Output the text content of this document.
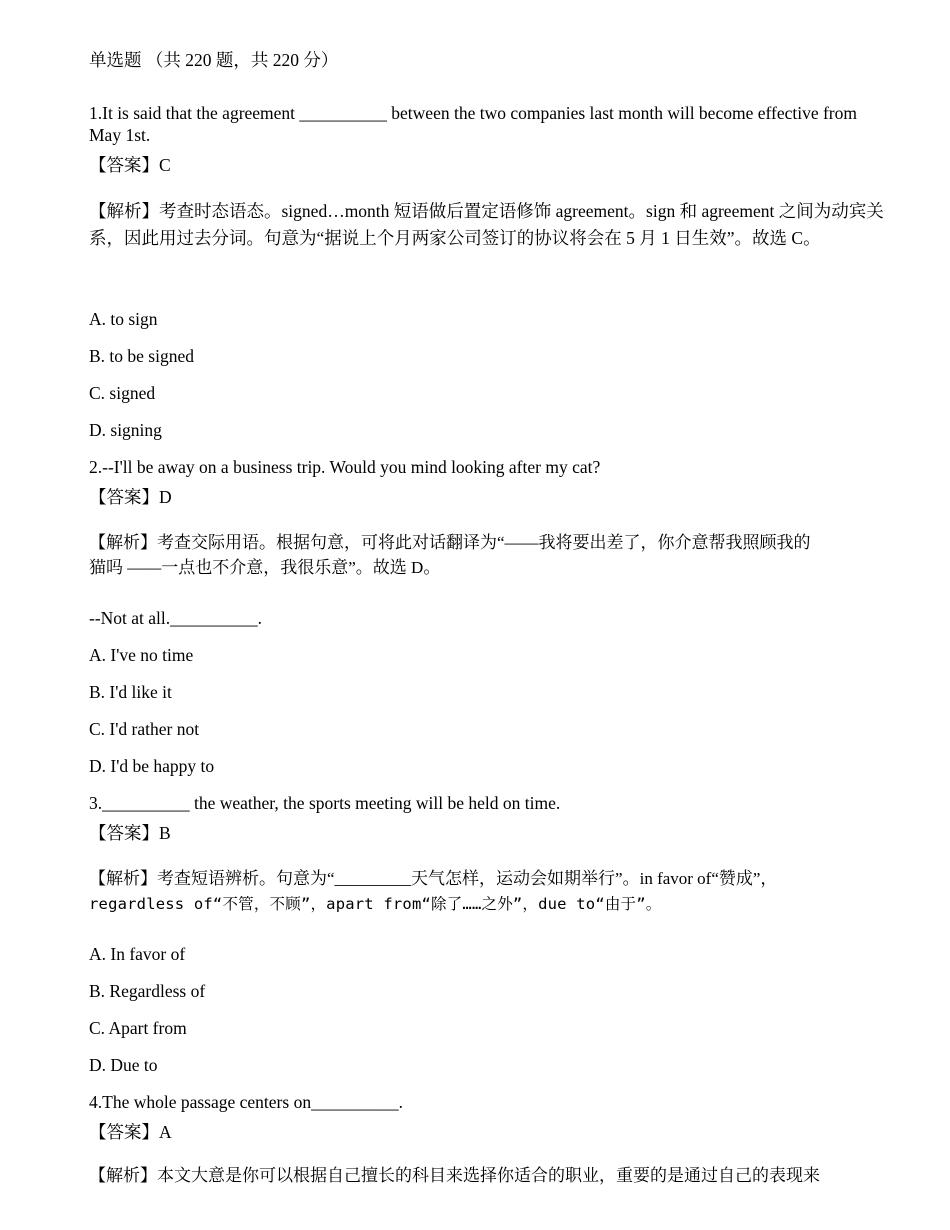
单选题 （共 220 题，共 220 分）
1.It is said that the agreement __________ between the two companies last month will become effective from
May 1st.
【答案】C
【解析】考查时态语态。signed…month 短语做后置定语修饰 agreement。sign 和 agreement 之间为动宾关系，因此用过去分词。句意为“据说上个月两家公司签订的协议将会在 5 月 1 日生效”。故选 C。
A. to sign
B. to be signed
C. signed
D. signing
2.--I'll be away on a business trip. Would you mind looking after my cat?
【答案】D
【解析】考查交际用语。根据句意，可将此对话翻译为“——我将要出差了，你介意帮我照顾我的
猫吗 ——一点也不介意，我很乐意”。故选 D。
--Not at all.__________.
A. I've no time
B. I'd like it
C. I'd rather not
D. I'd be happy to
3.__________ the weather, the sports meeting will be held on time.
【答案】B
【解析】考查短语辨析。句意为“_________天气怎样，运动会如期举行”。in favor of“赞成”，
regardless of“不管，不顾”，apart from“除了……之外”，due to“由于”。
A. In favor of
B. Regardless of
C. Apart from
D. Due to
4.The whole passage centers on__________.
【答案】A
【解析】本文大意是你可以根据自己擅长的科目来选择你适合的职业，重要的是通过自己的表现来
